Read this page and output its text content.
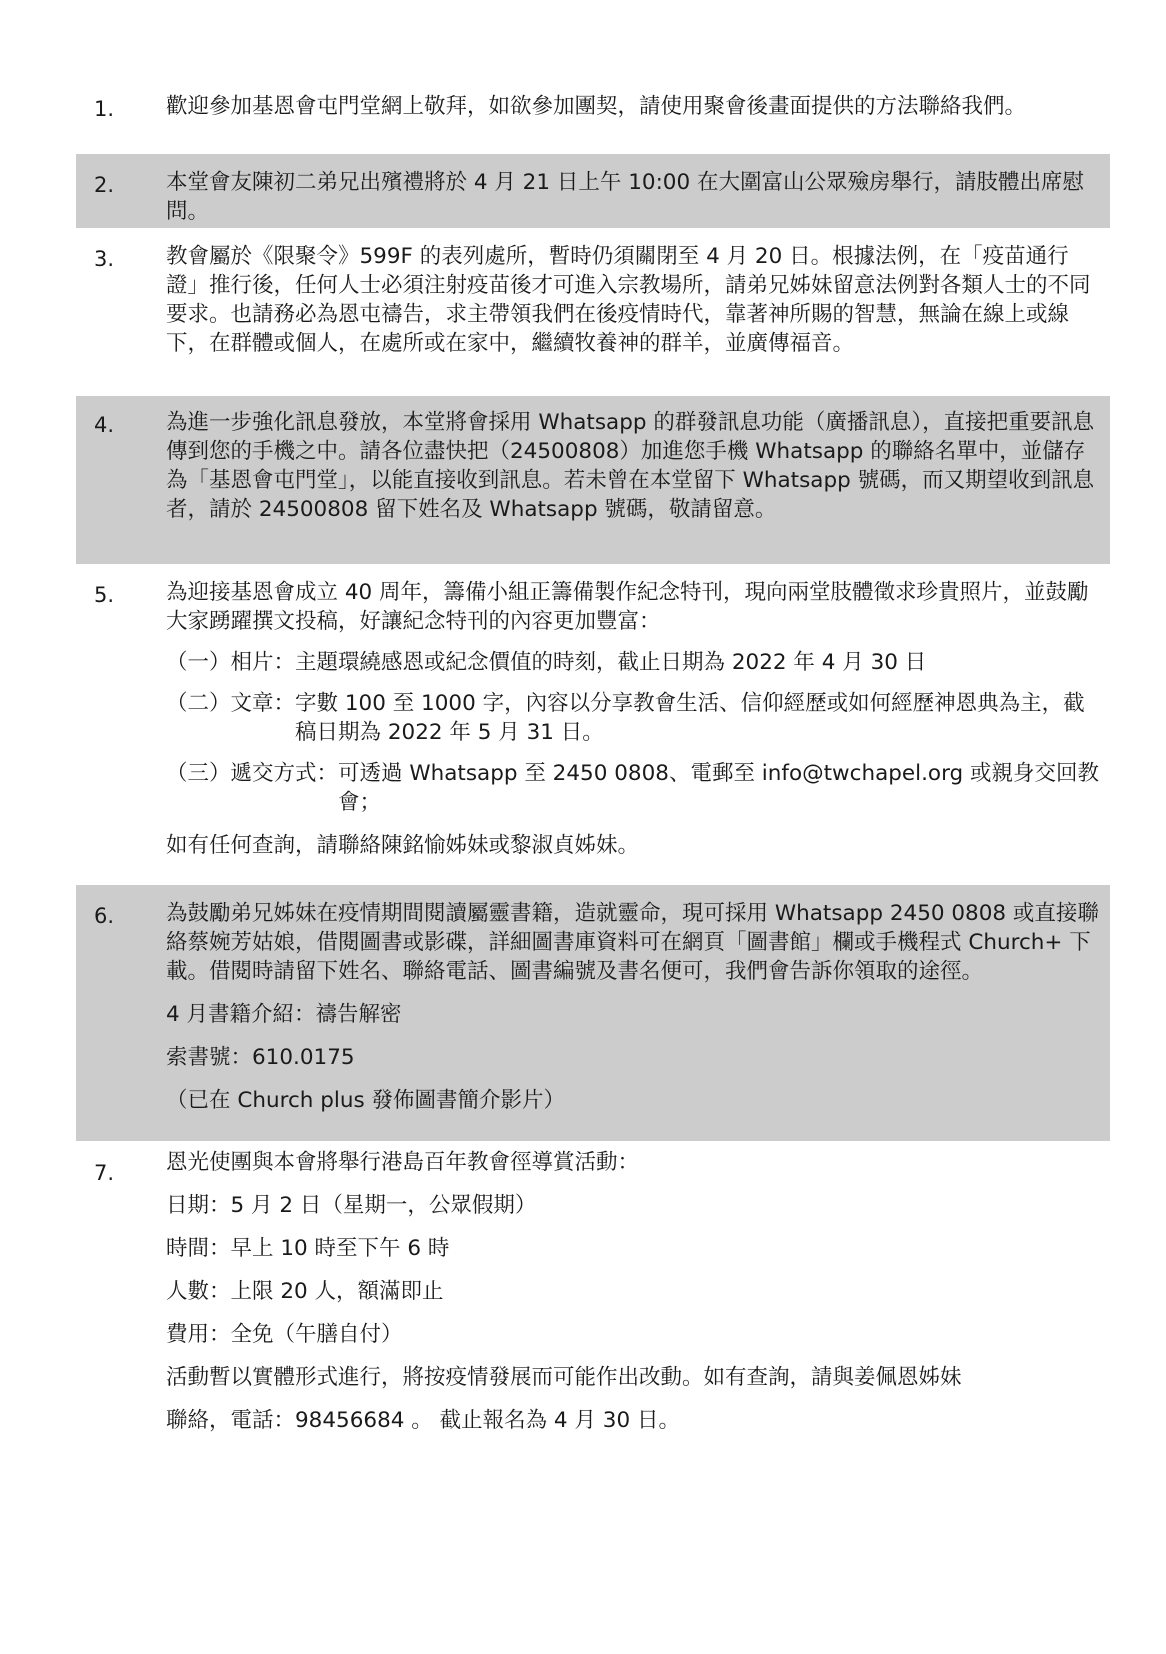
1.	歡迎參加基恩會屯門堂網上敬拜，如欲參加團契，請使用聚會後畫面提供的方法聯絡我們。

2.	本堂會友陳初二弟兄出殯禮將於 4 月 21 日上午 10:00 在大圍富山公眾殮房舉行，請肢體出席慰問。

3.	教會屬於《限聚令》599F 的表列處所，暫時仍須關閉至 4 月 20 日。根據法例，在「疫苗通行證」推行後，任何人士必須注射疫苗後才可進入宗教場所，請弟兄姊妹留意法例對各類人士的不同要求。也請務必為恩屯禱告，求主帶領我們在後疫情時代，靠著神所賜的智慧，無論在線上或線下，在群體或個人，在處所或在家中，繼續牧養神的群羊，並廣傳福音。

4.	為進一步強化訊息發放，本堂將會採用 Whatsapp 的群發訊息功能（廣播訊息），直接把重要訊息傳到您的手機之中。請各位盡快把（24500808）加進您手機 Whatsapp 的聯絡名單中，並儲存為「基恩會屯門堂」，以能直接收到訊息。若未曾在本堂留下 Whatsapp 號碼，而又期望收到訊息者，請於 24500808 留下姓名及 Whatsapp 號碼，敬請留意。

5.	為迎接基恩會成立 40 周年，籌備小組正籌備製作紀念特刊，現向兩堂肢體徵求珍貴照片，並鼓勵大家踴躍撰文投稿，好讓紀念特刊的內容更加豐富：

（一）相片： 主題環繞感恩或紀念價值的時刻，截止日期為 2022 年 4 月 30 日
（二）文章： 字數 100 至 1000 字，內容以分享教會生活、信仰經歷或如何經歷神恩典為主，截稿日期為 2022 年 5 月 31 日。
（三）遞交方式： 可透過 Whatsapp 至 2450 0808、電郵至 info@twchapel.org 或親身交回教會；

如有任何查詢，請聯絡陳銘愉姊妹或黎淑貞姊妹。

6.	為鼓勵弟兄姊妹在疫情期間閱讀屬靈書籍，造就靈命，現可採用 Whatsapp 2450 0808 或直接聯絡蔡婉芳姑娘，借閱圖書或影碟，詳細圖書庫資料可在網頁「圖書館」欄或手機程式 Church+ 下載。借閱時請留下姓名、聯絡電話、圖書編號及書名便可，我們會告訴你領取的途徑。

4 月書籍介紹：禱告解密

索書號：610.0175

（已在 Church plus 發佈圖書簡介影片）

7.	恩光使團與本會將舉行港島百年教會徑導賞活動：

日期：5 月 2 日（星期一，公眾假期）

時間：早上 10 時至下午 6 時

人數：上限 20 人，額滿即止

費用：全免（午膳自付）

活動暫以實體形式進行，將按疫情發展而可能作出改動。如有查詢，請與姜佩恩姊妹

聯絡，電話：98456684 。 截止報名為 4 月 30 日。
